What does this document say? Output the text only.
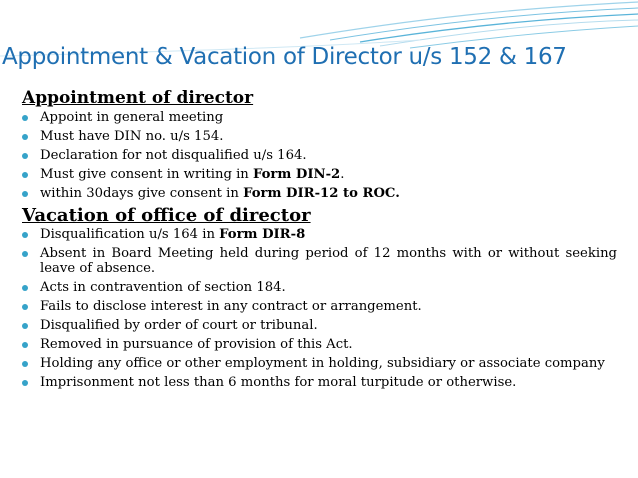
Appointment & Vacation of Director u/s 152 & 167
Appointment of director
Appoint in general meeting
Must have DIN no. u/s 154.
Declaration for not disqualified u/s 164.
Must give consent in writing in Form DIN-2.
within 30days give consent in Form DIR-12 to ROC.
Vacation of office of director
Disqualification u/s 164 in Form DIR-8
Absent in Board Meeting held during period of 12 months with or without seeking leave of absence.
Acts in contravention of section 184.
Fails to disclose interest in any contract or arrangement.
Disqualified by order of court or tribunal.
Removed in pursuance of provision of this Act.
Holding any office or other employment in holding, subsidiary or associate company
Imprisonment not less than 6 months for moral turpitude or otherwise.
